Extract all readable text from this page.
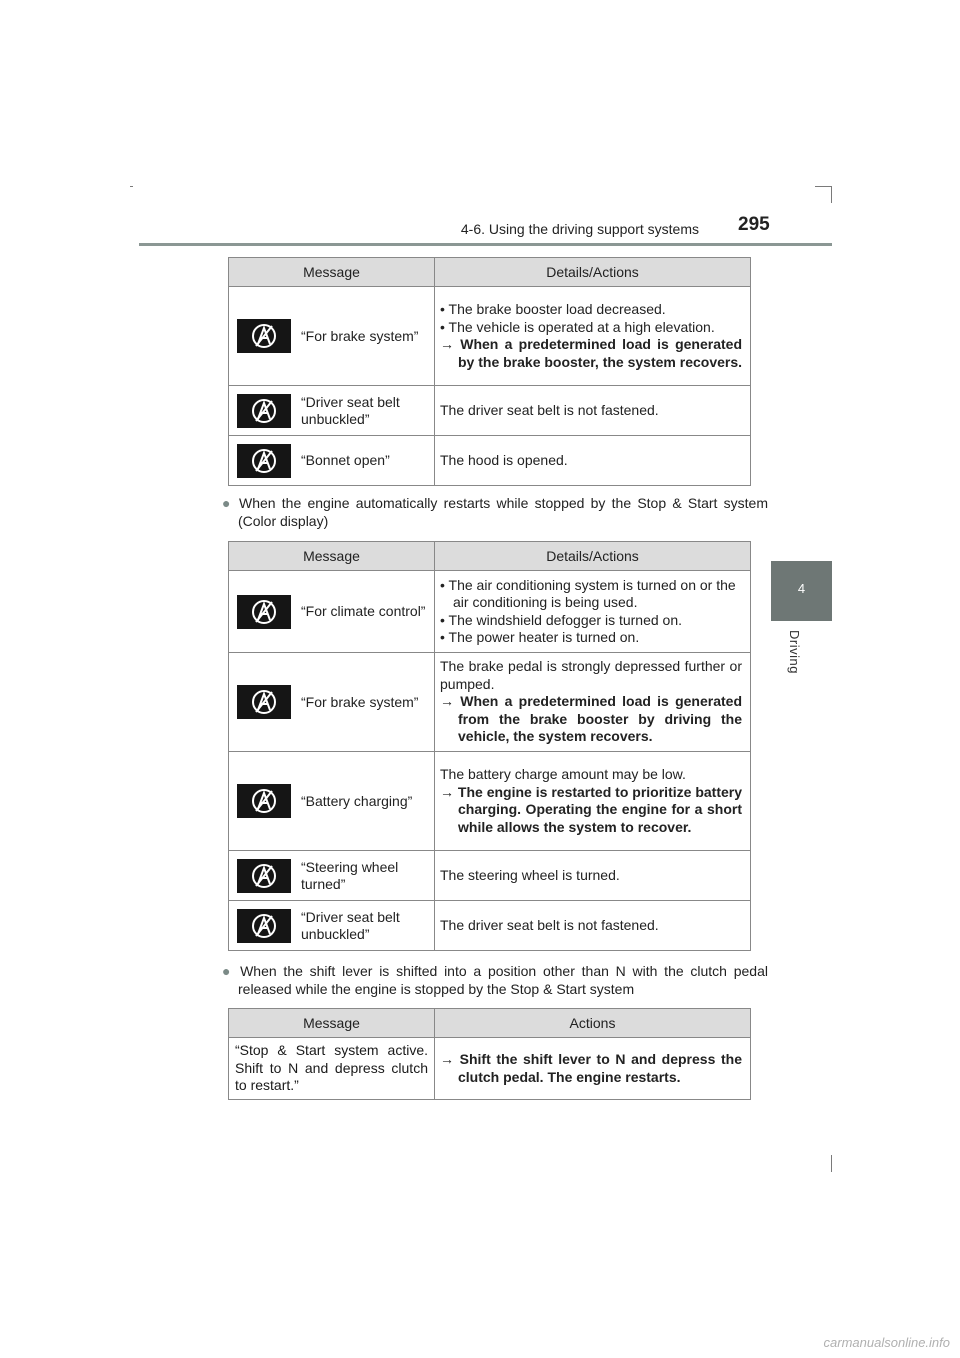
4-6. Using the driving support systems 295
4
Driving
Message	Details/Actions

“For brake system”	• The brake booster load decreased.
• The vehicle is operated at a high elevation.
→ When a predetermined load is generated by the brake booster, the system recovers.

“Driver seat belt unbuckled”	The driver seat belt is not fastened.

“Bonnet open”	The hood is opened.
● When the engine automatically restarts while stopped by the Stop & Start system (Color display)
Message	Details/Actions

“For climate control”	• The air conditioning system is turned on or the air conditioning is being used.
• The windshield defogger is turned on.
• The power heater is turned on.

“For brake system”	The brake pedal is strongly depressed further or pumped.
→ When a predetermined load is generated from the brake booster by driving the vehicle, the system recovers.

“Battery charging”	The battery charge amount may be low.
→ The engine is restarted to prioritize battery charging. Operating the engine for a short while allows the system to recover.

“Steering wheel turned”	The steering wheel is turned.

“Driver seat belt unbuckled”	The driver seat belt is not fastened.
● When the shift lever is shifted into a position other than N with the clutch pedal released while the engine is stopped by the Stop & Start system
Message	Actions
“Stop & Start system active. Shift to N and depress clutch to restart.”	→ Shift the shift lever to N and depress the clutch pedal. The engine restarts.
carmanualsonline.info
